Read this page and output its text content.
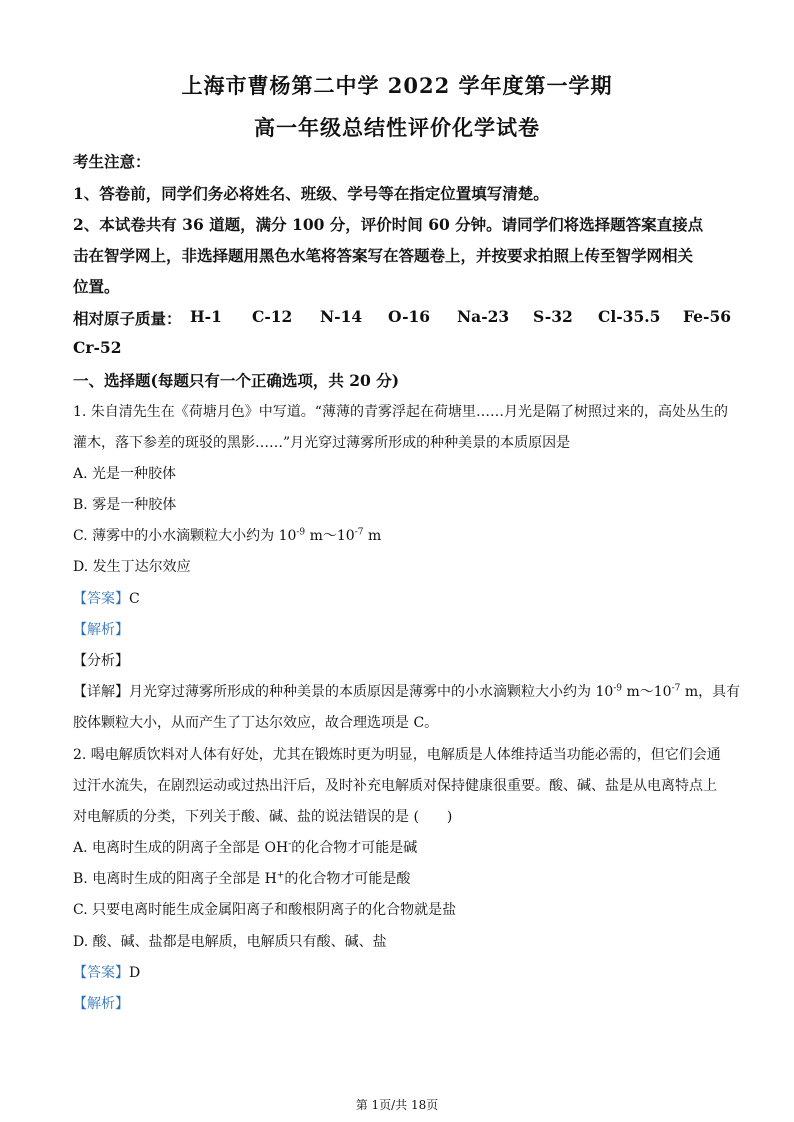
上海市曹杨第二中学 2022 学年度第一学期
高一年级总结性评价化学试卷
考生注意：
1、答卷前，同学们务必将姓名、班级、学号等在指定位置填写清楚。
2、本试卷共有 36 道题，满分 100 分，评价时间 60 分钟。请同学们将选择题答案直接点
击在智学网上，非选择题用黑色水笔将答案写在答题卷上，并按要求拍照上传至智学网相关
位置。
相对原子质量： H-1 C-12 N-14 O-16 Na-23 S-32 Cl-35.5 Fe-56
Cr-52
一、选择题(每题只有一个正确选项，共 20 分)
1. 朱自清先生在《荷塘月色》中写道。“薄薄的青雾浮起在荷塘里……月光是隔了树照过来的，高处丛生的
灌木，落下参差的斑驳的黑影……”月光穿过薄雾所形成的种种美景的本质原因是
A. 光是一种胶体
B. 雾是一种胶体
C. 薄雾中的小水滴颗粒大小约为 $10^{-9}$ $m\sim 10^{-7}$ m
D. 发生丁达尔效应
【答案】C
【解析】
【分析】
【详解】月光穿过薄雾所形成的种种美景的本质原因是薄雾中的小水滴颗粒大小约为 $10^{-9}$ $m\sim 10^{-7}$ m，具有
胶体颗粒大小，从而产生了丁达尔效应，故合理选项是 C。
2. 喝电解质饮料对人体有好处，尤其在锻炼时更为明显，电解质是人体维持适当功能必需的，但它们会通
过汗水流失，在剧烈运动或过热出汗后，及时补充电解质对保持健康很重要。酸、碱、盐是从电离特点上
对电解质的分类，下列关于酸、碱、盐的说法错误的是 (　　)
A. 电离时生成的阴离子全部是 OH-的化合物才可能是碱
B. 电离时生成的阳离子全部是 H+的化合物才可能是酸
C. 只要电离时能生成金属阳离子和酸根阴离子的化合物就是盐
D. 酸、碱、盐都是电解质，电解质只有酸、碱、盐
【答案】D
【解析】
第 1页/共 18页
